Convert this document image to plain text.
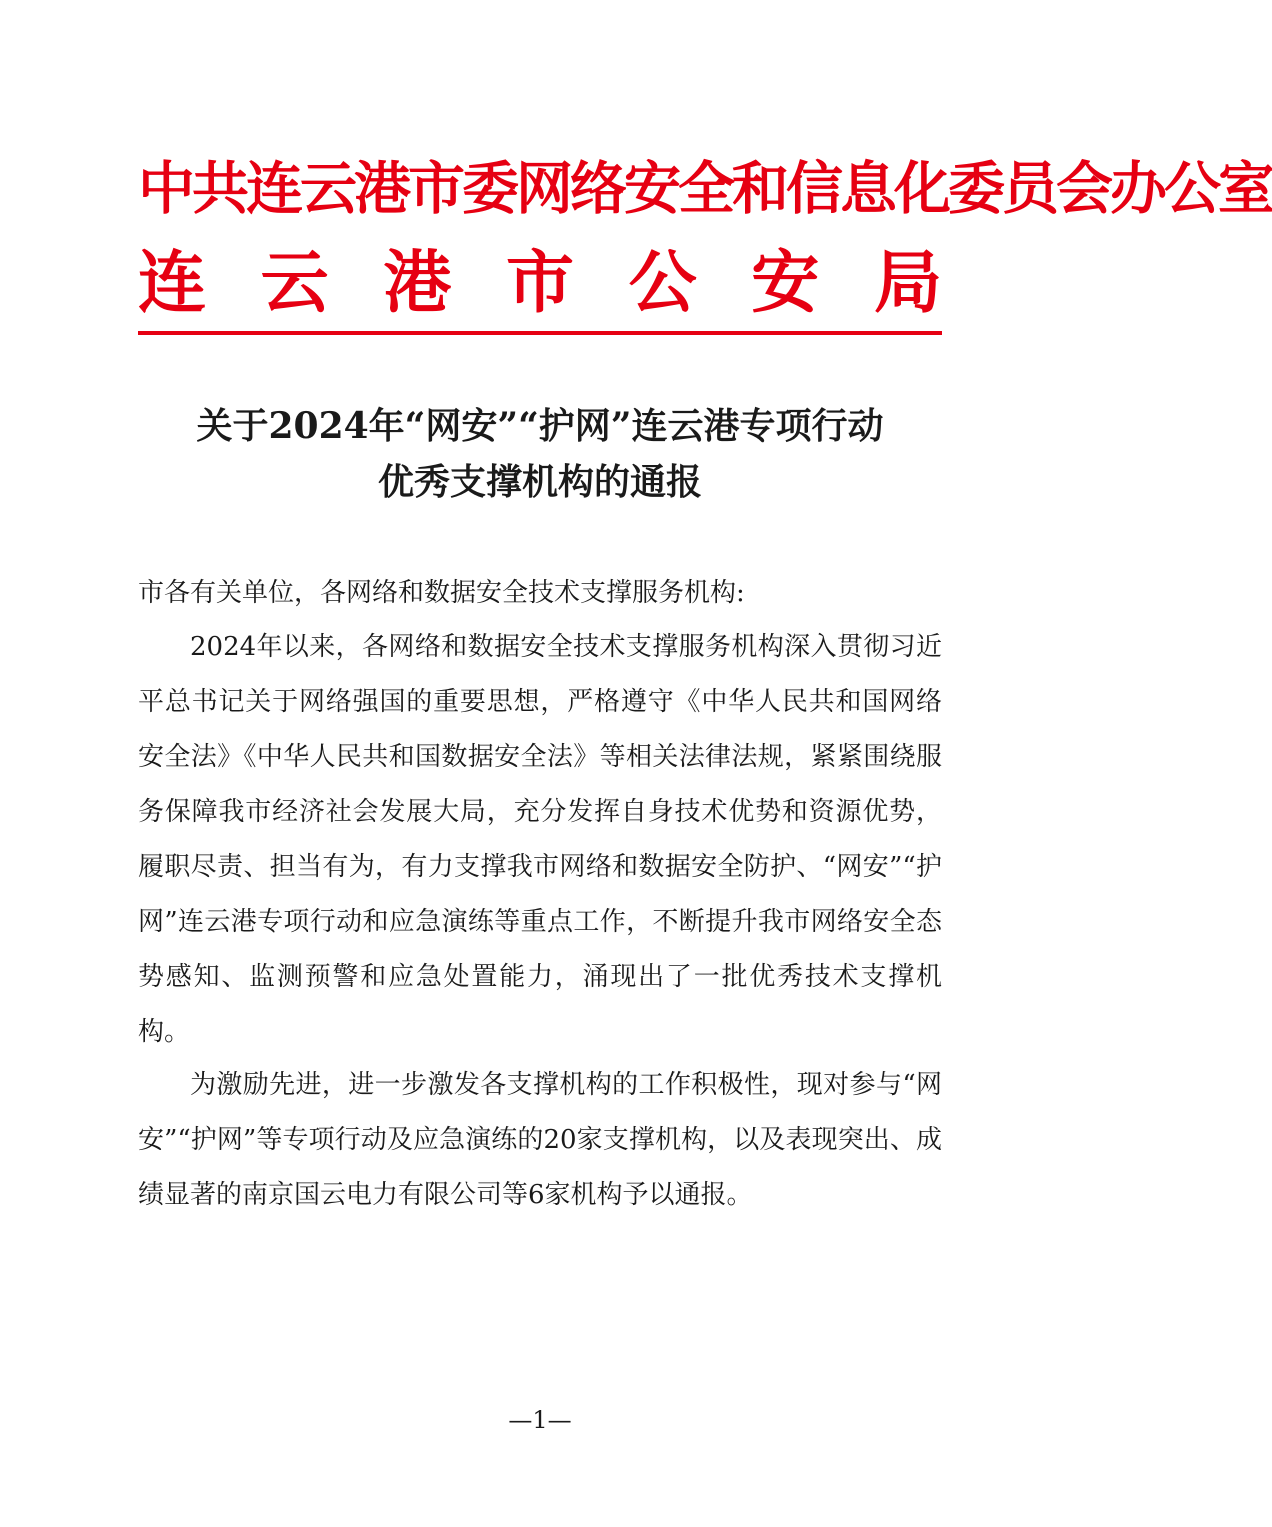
中共连云港市委网络安全和信息化委员会办公室
连 云 港 市 公 安 局
关于2024年“网安”“护网”连云港专项行动
优秀支撑机构的通报
市各有关单位，各网络和数据安全技术支撑服务机构:
2024年以来，各网络和数据安全技术支撑服务机构深入贯彻习近平总书记关于网络强国的重要思想，严格遵守《中华人民共和国网络安全法》《中华人民共和国数据安全法》等相关法律法规，紧紧围绕服务保障我市经济社会发展大局，充分发挥自身技术优势和资源优势，履职尽责、担当有为，有力支撑我市网络和数据安全防护、“网安”“护网”连云港专项行动和应急演练等重点工作，不断提升我市网络安全态势感知、监测预警和应急处置能力，涌现出了一批优秀技术支撑机构。
为激励先进，进一步激发各支撑机构的工作积极性，现对参与“网安”“护网”等专项行动及应急演练的20家支撑机构，以及表现突出、成绩显著的南京国云电力有限公司等6家机构予以通报。
—1—
